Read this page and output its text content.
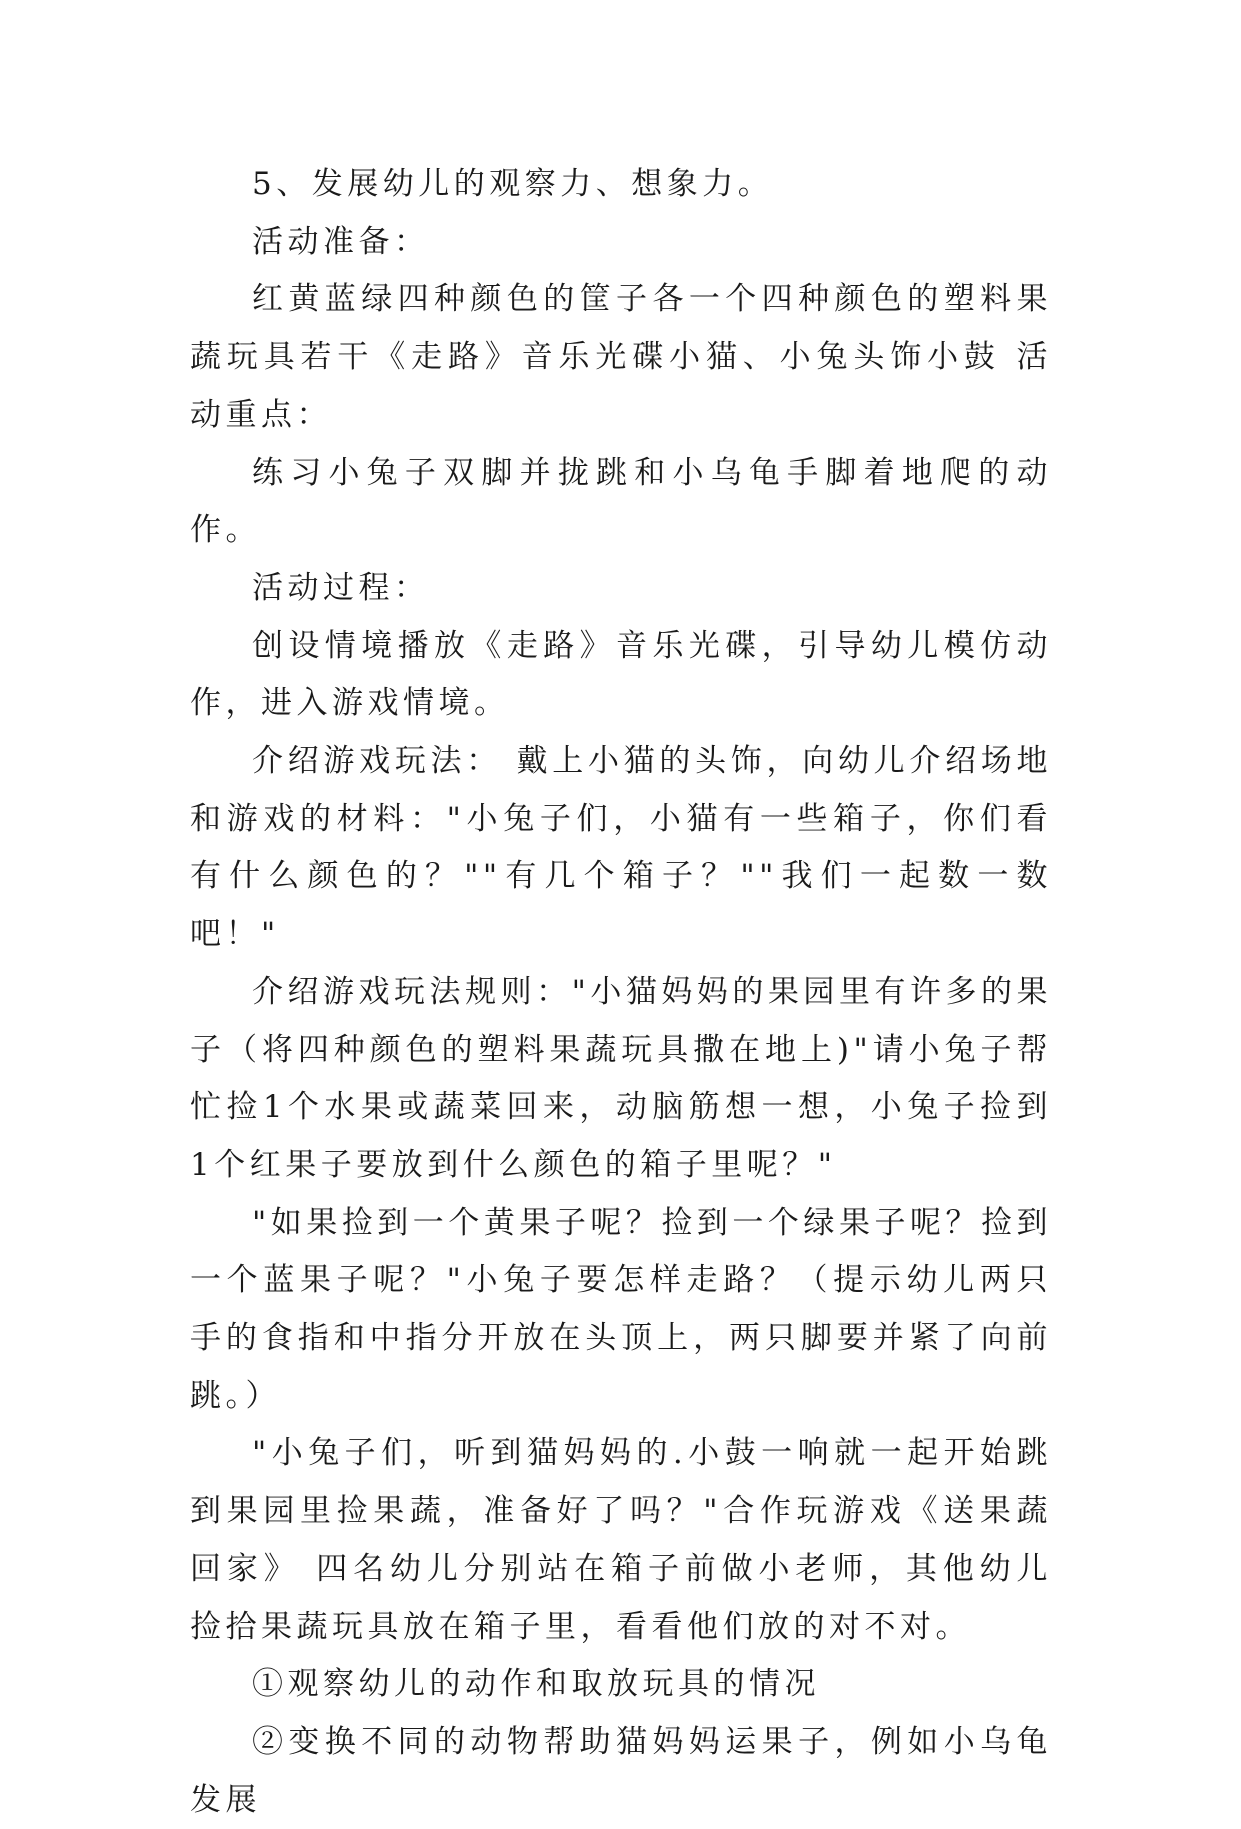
5、发展幼儿的观察力、想象力。

活动准备：

红黄蓝绿四种颜色的筐子各一个四种颜色的塑料果蔬玩具若干《走路》音乐光碟小猫、小兔头饰小鼓 活动重点：

练习小兔子双脚并拢跳和小乌龟手脚着地爬的动作。

活动过程：

创设情境播放《走路》音乐光碟，引导幼儿模仿动作，进入游戏情境。

介绍游戏玩法： 戴上小猫的头饰，向幼儿介绍场地和游戏的材料："小兔子们，小猫有一些箱子，你们看有什么颜色的？""有几个箱子？""我们一起数一数吧！"

介绍游戏玩法规则："小猫妈妈的果园里有许多的果子（将四种颜色的塑料果蔬玩具撒在地上)"请小兔子帮忙捡1个水果或蔬菜回来，动脑筋想一想，小兔子捡到1个红果子要放到什么颜色的箱子里呢？"

"如果捡到一个黄果子呢？捡到一个绿果子呢？捡到一个蓝果子呢？"小兔子要怎样走路？（提示幼儿两只手的食指和中指分开放在头顶上，两只脚要并紧了向前跳。）

"小兔子们，听到猫妈妈的.小鼓一响就一起开始跳到果园里捡果蔬，准备好了吗？"合作玩游戏《送果蔬回家》 四名幼儿分别站在箱子前做小老师，其他幼儿捡拾果蔬玩具放在箱子里，看看他们放的对不对。

①观察幼儿的动作和取放玩具的情况

②变换不同的动物帮助猫妈妈运果子，例如小乌龟发展
